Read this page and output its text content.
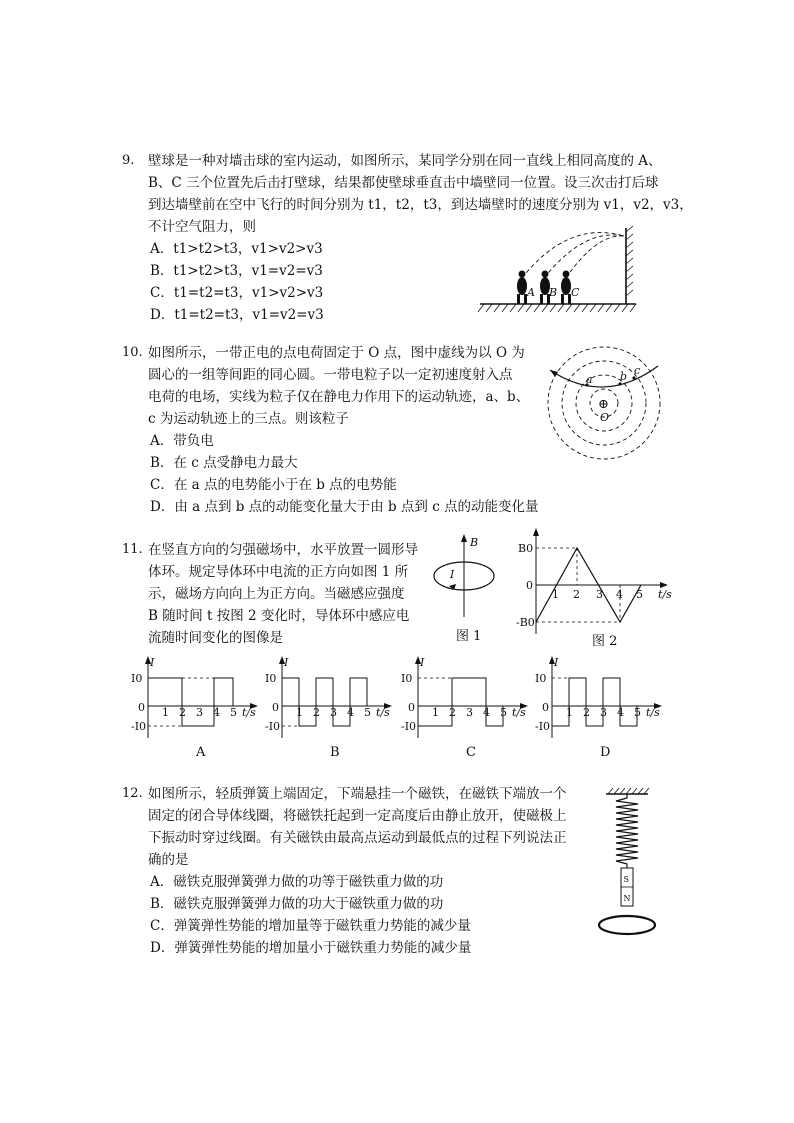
9. 壁球是一种对墙击球的室内运动，如图所示，某同学分别在同一直线上相同高度的 A、
B、C 三个位置先后击打壁球，结果都使壁球垂直击中墙壁同一位置。设三次击打后球
到达墙壁前在空中飞行的时间分别为 t1，t2，t3，到达墙壁时的速度分别为 v1，v2，v3，
不计空气阻力，则
A．t1>t2>t3，v1>v2>v3
B．t1>t2>t3，v1=v2=v3
C．t1=t2=t3，v1>v2>v3
D．t1=t2=t3，v1=v2=v3
A B C
10. 如图所示，一带正电的点电荷固定于 O 点，图中虚线为以 O 为
圆心的一组等间距的同心圆。一带电粒子以一定初速度射入点
电荷的电场，实线为粒子仅在静电力作用下的运动轨迹，a、b、
c 为运动轨迹上的三点。则该粒子
A．带负电
B．在 c 点受静电力最大
C．在 a 点的电势能小于在 b 点的电势能
D．由 a 点到 b 点的动能变化量大于由 b 点到 c 点的动能变化量
a b c
⊕
O
11. 在竖直方向的匀强磁场中，水平放置一圆形导
体环。规定导体环中电流的正方向如图 1 所
示，磁场方向向上为正方向。当磁感应强度
B 随时间 t 按图 2 变化时，导体环中感应电
流随时间变化的图像是
B
I
图 1
B0
-B0
0
1 2 3 4 5 t/s
图 2
I
I0
-I0
0 1 2 3 4 5 t/s
A
I
I0
-I0
0 1 2 3 4 5 t/s
B
I
I0
-I0
0 1 2 3 4 5 t/s
C
I
I0
-I0
0 1 2 3 4 5 t/s
D
12. 如图所示，轻质弹簧上端固定，下端悬挂一个磁铁，在磁铁下端放一个
固定的闭合导体线圈，将磁铁托起到一定高度后由静止放开，使磁极上
下振动时穿过线圈。有关磁铁由最高点运动到最低点的过程下列说法正
确的是
A．磁铁克服弹簧弹力做的功等于磁铁重力做的功
B．磁铁克服弹簧弹力做的功大于磁铁重力做的功
C．弹簧弹性势能的增加量等于磁铁重力势能的减少量
D．弹簧弹性势能的增加量小于磁铁重力势能的减少量
S
N
